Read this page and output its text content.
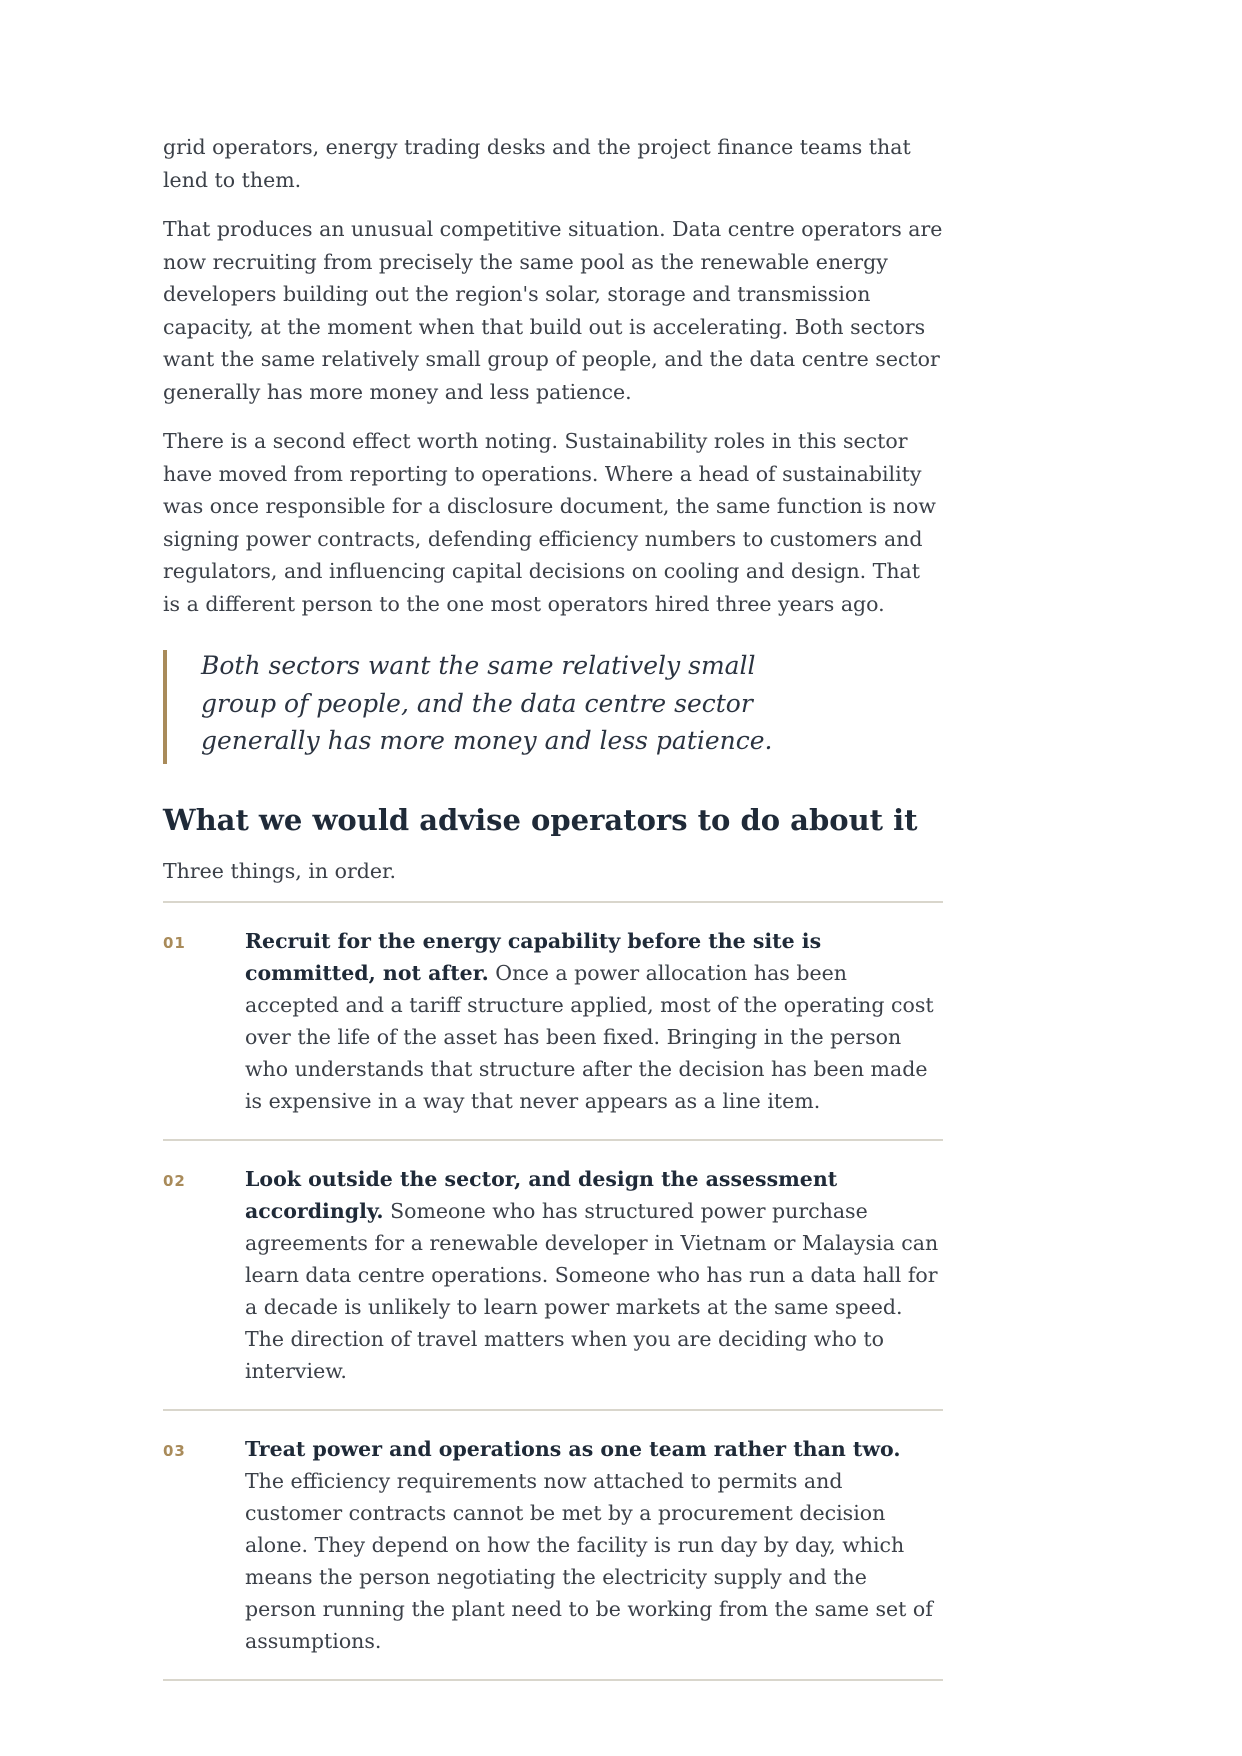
grid operators, energy trading desks and the project finance teams that lend to them.

That produces an unusual competitive situation. Data centre operators are now recruiting from precisely the same pool as the renewable energy developers building out the region's solar, storage and transmission capacity, at the moment when that build out is accelerating. Both sectors want the same relatively small group of people, and the data centre sector generally has more money and less patience.

There is a second effect worth noting. Sustainability roles in this sector have moved from reporting to operations. Where a head of sustainability was once responsible for a disclosure document, the same function is now signing power contracts, defending efficiency numbers to customers and regulators, and influencing capital decisions on cooling and design. That is a different person to the one most operators hired three years ago.

Both sectors want the same relatively small group of people, and the data centre sector generally has more money and less patience.

What we would advise operators to do about it

Three things, in order.

01	Recruit for the energy capability before the site is committed, not after. Once a power allocation has been accepted and a tariff structure applied, most of the operating cost over the life of the asset has been fixed. Bringing in the person who understands that structure after the decision has been made is expensive in a way that never appears as a line item.

02	Look outside the sector, and design the assessment accordingly. Someone who has structured power purchase agreements for a renewable developer in Vietnam or Malaysia can learn data centre operations. Someone who has run a data hall for a decade is unlikely to learn power markets at the same speed. The direction of travel matters when you are deciding who to interview.

03	Treat power and operations as one team rather than two. The efficiency requirements now attached to permits and customer contracts cannot be met by a procurement decision alone. They depend on how the facility is run day by day, which means the person negotiating the electricity supply and the person running the plant need to be working from the same set of assumptions.
